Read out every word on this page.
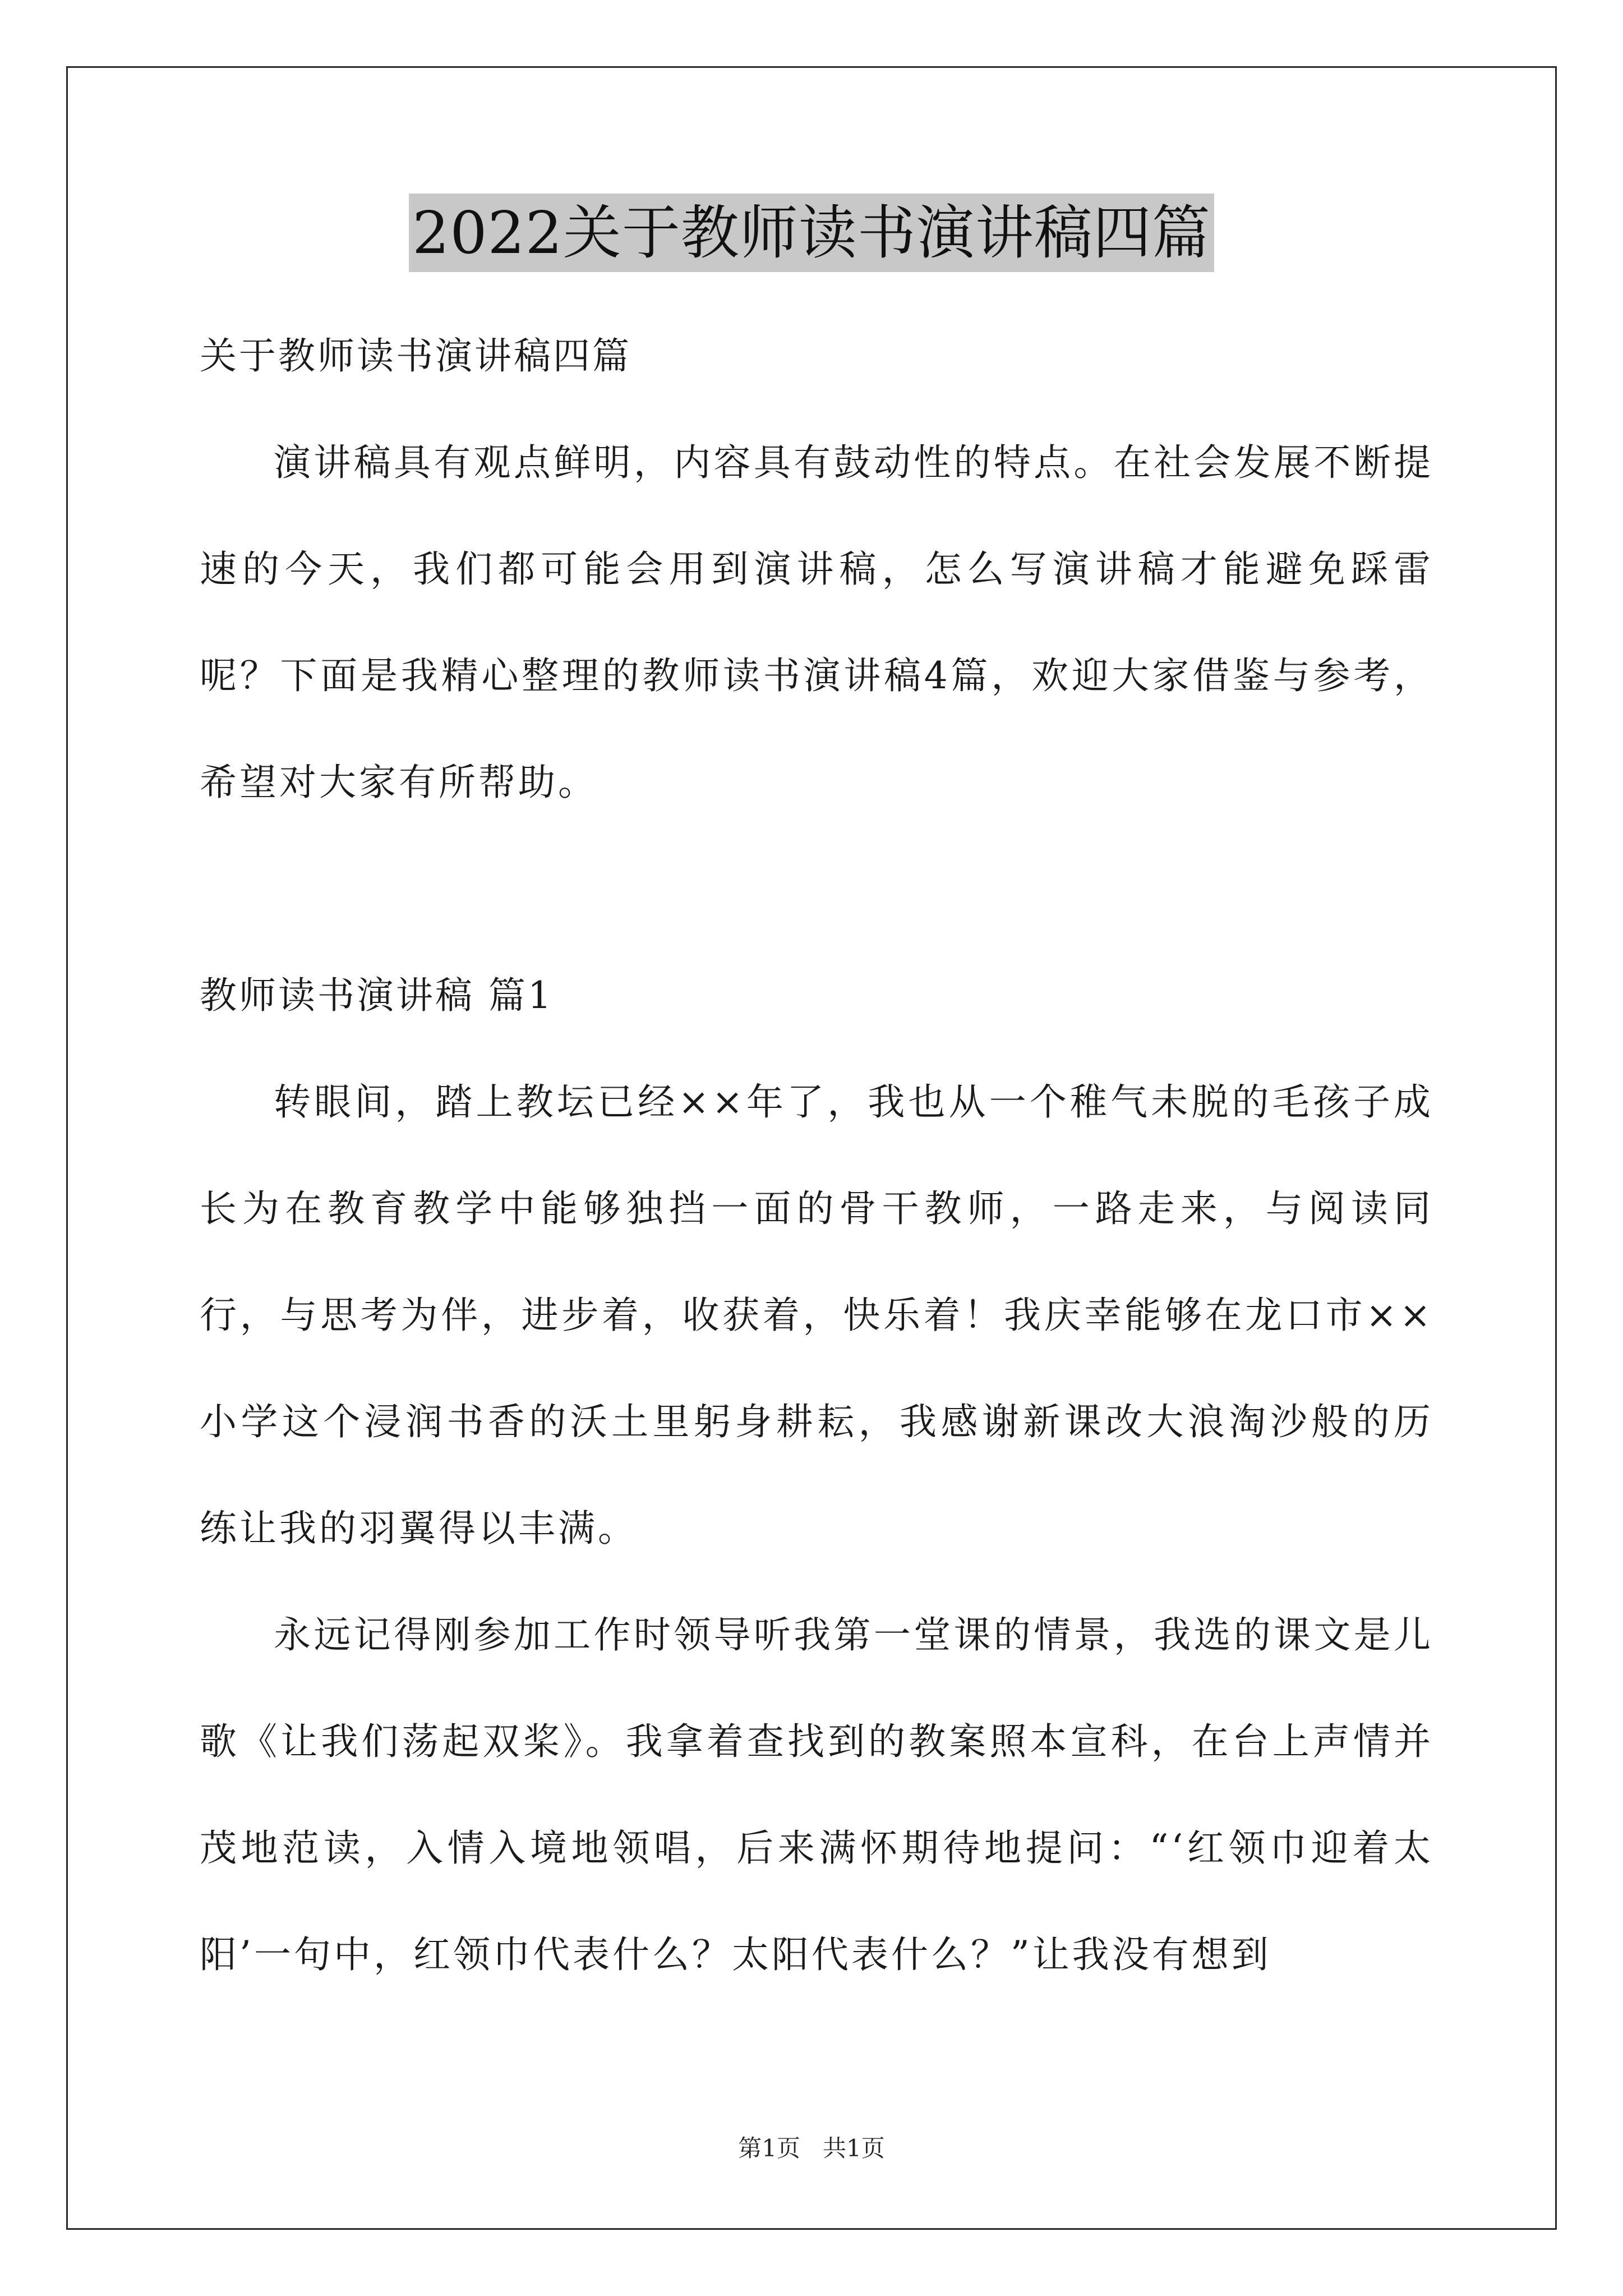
2022关于教师读书演讲稿四篇

关于教师读书演讲稿四篇

演讲稿具有观点鲜明，内容具有鼓动性的特点。在社会发展不断提速的今天，我们都可能会用到演讲稿，怎么写演讲稿才能避免踩雷呢？下面是我精心整理的教师读书演讲稿4篇，欢迎大家借鉴与参考，希望对大家有所帮助。

教师读书演讲稿 篇1

转眼间，踏上教坛已经××年了，我也从一个稚气未脱的毛孩子成长为在教育教学中能够独挡一面的骨干教师，一路走来，与阅读同行，与思考为伴，进步着，收获着，快乐着！我庆幸能够在龙口市××小学这个浸润书香的沃土里躬身耕耘，我感谢新课改大浪淘沙般的历练让我的羽翼得以丰满。

永远记得刚参加工作时领导听我第一堂课的情景，我选的课文是儿歌《让我们荡起双桨》。我拿着查找到的教案照本宣科，在台上声情并茂地范读，入情入境地领唱，后来满怀期待地提问：“‘红领巾迎着太阳’一句中，红领巾代表什么？太阳代表什么？”让我没有想到

第1页 共1页
